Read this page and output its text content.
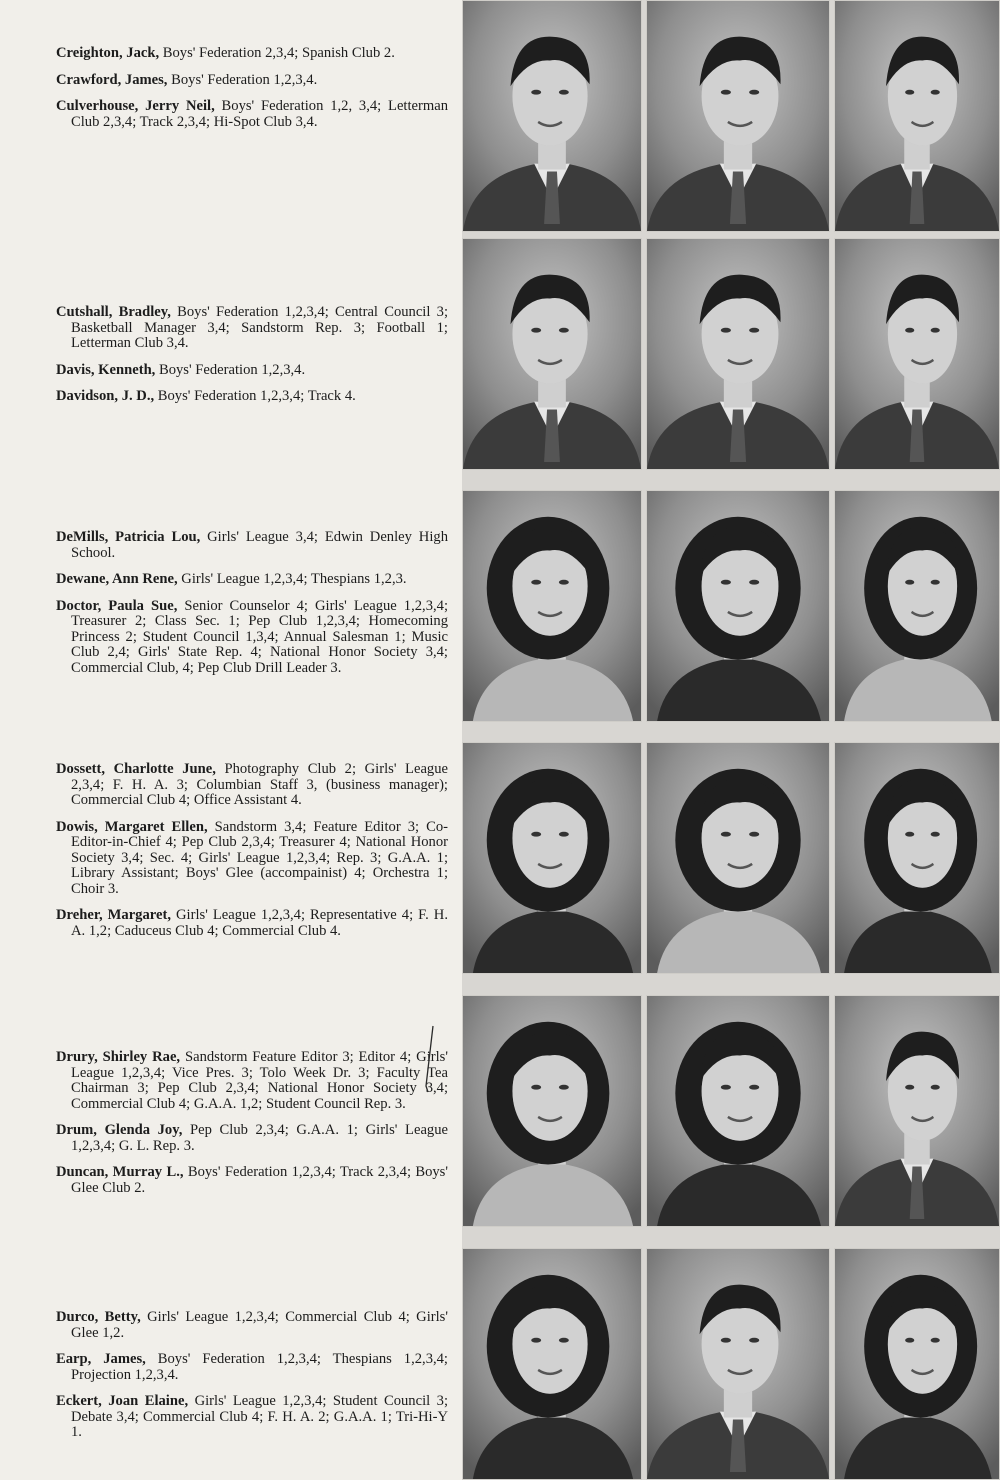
Creighton, Jack, Boys' Federation 2,3,4; Spanish Club 2.

Crawford, James, Boys' Federation 1,2,3,4.

Culverhouse, Jerry Neil, Boys' Federation 1,2, 3,4; Letterman Club 2,3,4; Track 2,3,4; Hi-Spot Club 3,4.

Cutshall, Bradley, Boys' Federation 1,2,3,4; Central Council 3; Basketball Manager 3,4; Sandstorm Rep. 3; Football 1; Letterman Club 3,4.

Davis, Kenneth, Boys' Federation 1,2,3,4.

Davidson, J. D., Boys' Federation 1,2,3,4; Track 4.

DeMills, Patricia Lou, Girls' League 3,4; Edwin Denley High School.

Dewane, Ann Rene, Girls' League 1,2,3,4; Thespians 1,2,3.

Doctor, Paula Sue, Senior Counselor 4; Girls' League 1,2,3,4; Treasurer 2; Class Sec. 1; Pep Club 1,2,3,4; Homecoming Princess 2; Student Council 1,3,4; Annual Salesman 1; Music Club 2,4; Girls' State Rep. 4; National Honor Society 3,4; Commercial Club, 4; Pep Club Drill Leader 3.

Dossett, Charlotte June, Photography Club 2; Girls' League 2,3,4; F. H. A. 3; Columbian Staff 3, (business manager); Commercial Club 4; Office Assistant 4.

Dowis, Margaret Ellen, Sandstorm 3,4; Feature Editor 3; Co-Editor-in-Chief 4; Pep Club 2,3,4; Treasurer 4; National Honor Society 3,4; Sec. 4; Girls' League 1,2,3,4; Rep. 3; G.A.A. 1; Library Assistant; Boys' Glee (accompainist) 4; Orchestra 1; Choir 3.

Dreher, Margaret, Girls' League 1,2,3,4; Representative 4; F. H. A. 1,2; Caduceus Club 4; Commercial Club 4.

Drury, Shirley Rae, Sandstorm Feature Editor 3; Editor 4; Girls' League 1,2,3,4; Vice Pres. 3; Tolo Week Dr. 3; Faculty Tea Chairman 3; Pep Club 2,3,4; National Honor Society 3,4; Commercial Club 4; G.A.A. 1,2; Student Council Rep. 3.

Drum, Glenda Joy, Pep Club 2,3,4; G.A.A. 1; Girls' League 1,2,3,4; G. L. Rep. 3.

Duncan, Murray L., Boys' Federation 1,2,3,4; Track 2,3,4; Boys' Glee Club 2.

Durco, Betty, Girls' League 1,2,3,4; Commercial Club 4; Girls' Glee 1,2.

Earp, James, Boys' Federation 1,2,3,4; Thespians 1,2,3,4; Projection 1,2,3,4.

Eckert, Joan Elaine, Girls' League 1,2,3,4; Student Council 3; Debate 3,4; Commercial Club 4; F. H. A. 2; G.A.A. 1; Tri-Hi-Y 1.
